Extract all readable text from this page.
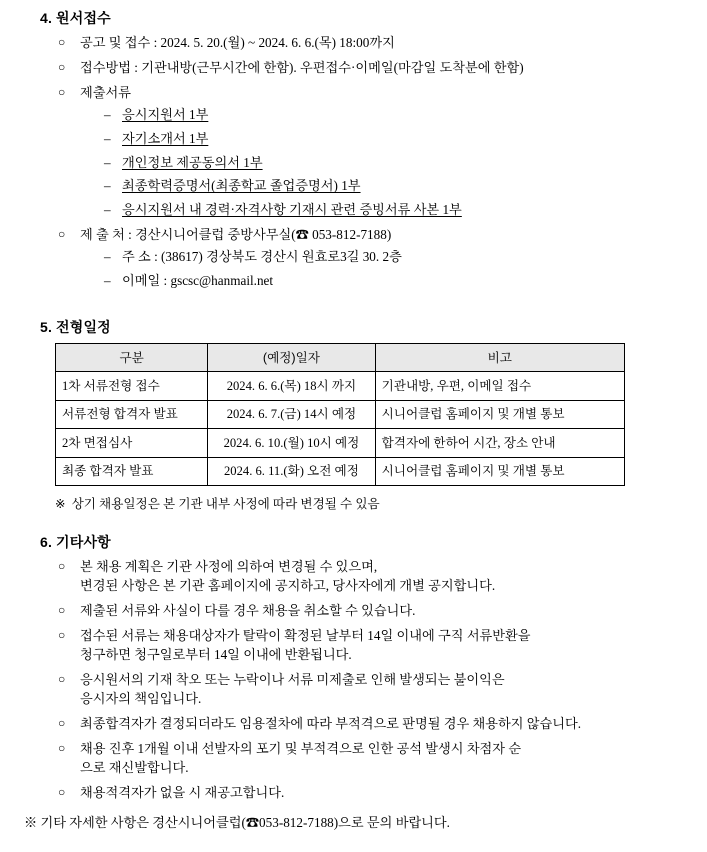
4. 원서접수
○ 공고 및 접수 : 2024. 5. 20.(월) ~ 2024. 6. 6.(목) 18:00까지
○ 접수방법 : 기관내방(근무시간에 한함). 우편접수·이메일(마감일 도착분에 한함)
○ 제출서류
– 응시지원서 1부
– 자기소개서 1부
– 개인정보 제공동의서 1부
– 최종학력증명서(최종학교 졸업증명서) 1부
– 응시지원서 내 경력·자격사항 기재시 관련 증빙서류 사본 1부
○ 제 출 처 : 경산시니어클럽 중방사무실(☎ 053-812-7188)
– 주 소 : (38617) 경상북도 경산시 원효로3길 30. 2층
– 이메일 : gscsc@hanmail.net
5. 전형일정
구분	(예정)일자	비고
1차 서류전형 접수	2024. 6. 6.(목) 18시 까지	기관내방, 우편, 이메일 접수
서류전형 합격자 발표	2024. 6. 7.(금) 14시 예정	시니어클럽 홈페이지 및 개별 통보
2차 면접심사	2024. 6. 10.(월) 10시 예정	합격자에 한하어 시간, 장소 안내
최종 합격자 발표	2024. 6. 11.(화) 오전 예정	시니어클럽 홈페이지 및 개별 통보
※ 상기 채용일정은 본 기관 내부 사정에 따라 변경될 수 있음
6. 기타사항
○ 본 채용 계획은 기관 사정에 의하여 변경될 수 있으며,
변경된 사항은 본 기관 홈페이지에 공지하고, 당사자에게 개별 공지합니다.
○ 제출된 서류와 사실이 다를 경우 채용을 취소할 수 있습니다.
○ 접수된 서류는 채용대상자가 탈락이 확정된 날부터 14일 이내에 구직 서류반환을
청구하면 청구일로부터 14일 이내에 반환됩니다.
○ 응시원서의 기재 착오 또는 누락이나 서류 미제출로 인해 발생되는 불이익은
응시자의 책임입니다.
○ 최종합격자가 결정되더라도 임용절차에 따라 부적격으로 판명될 경우 채용하지 않습니다.
○ 채용 진후 1개월 이내 선발자의 포기 및 부적격으로 인한 공석 발생시 차점자 순
으로 재신발합니다.
○ 채용적격자가 없을 시 재공고합니다.
※ 기타 자세한 사항은 경산시니어클럽(☎053-812-7188)으로 문의 바랍니다.
